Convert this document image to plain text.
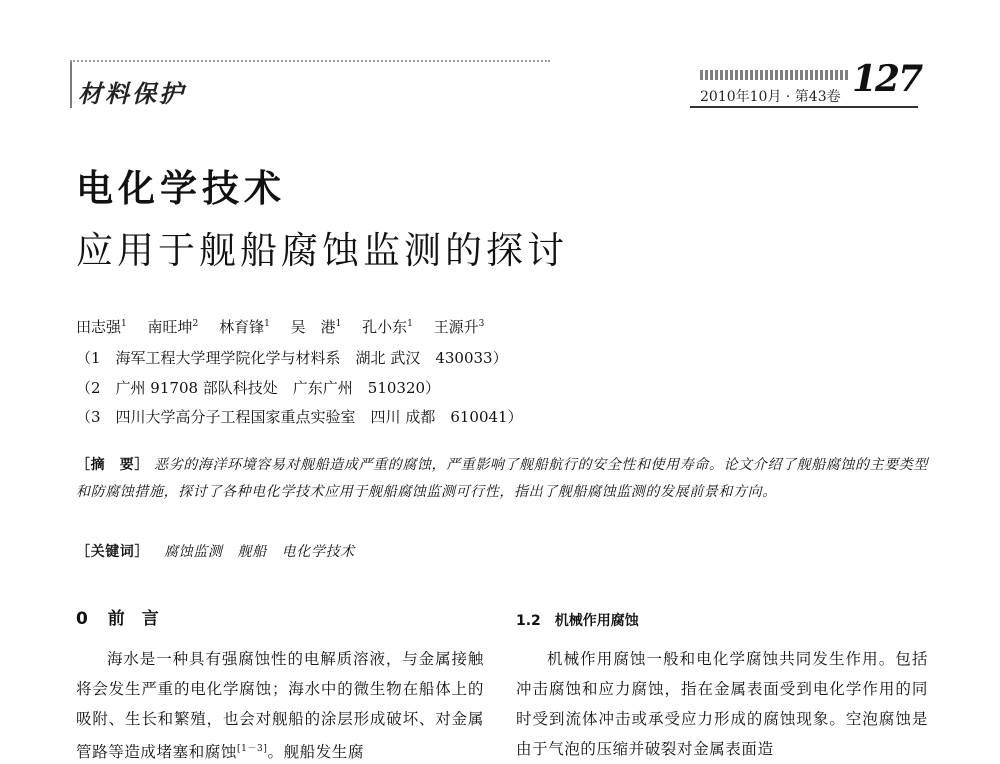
材料保护	127
2010年10月 · 第43卷
电化学技术
应用于舰船腐蚀监测的探讨
田志强$^1$ 南旺坤$^2$ 林育锋$^1$ 吴　港$^1$ 孔小东$^1$ 王源升$^3$
（1　海军工程大学理学院化学与材料系　湖北 武汉　430033）
（2　广州 91708 部队科技处　广东广州　510320）
（3　四川大学高分子工程国家重点实验室　四川 成都　610041）
［摘　要］ 恶劣的海洋环境容易对舰船造成严重的腐蚀，严重影响了舰船航行的安全性和使用寿命。论文介绍了舰船腐蚀的主要类型和防腐蚀措施，探讨了各种电化学技术应用于舰船腐蚀监测可行性，指出了舰船腐蚀监测的发展前景和方向。
［关键词］ 腐蚀监测 舰船 电化学技术
0 前　言
海水是一种具有强腐蚀性的电解质溶液，与金属接触将会发生严重的电化学腐蚀；海水中的微生物在船体上的吸附、生长和繁殖，也会对舰船的涂层形成破坏、对金属管路等造成堵塞和腐蚀[1－3]。舰船发生腐
1.2　机械作用腐蚀
机械作用腐蚀一般和电化学腐蚀共同发生作用。包括冲击腐蚀和应力腐蚀，指在金属表面受到电化学作用的同时受到流体冲击或承受应力形成的腐蚀现象。空泡腐蚀是由于气泡的压缩并破裂对金属表面造
